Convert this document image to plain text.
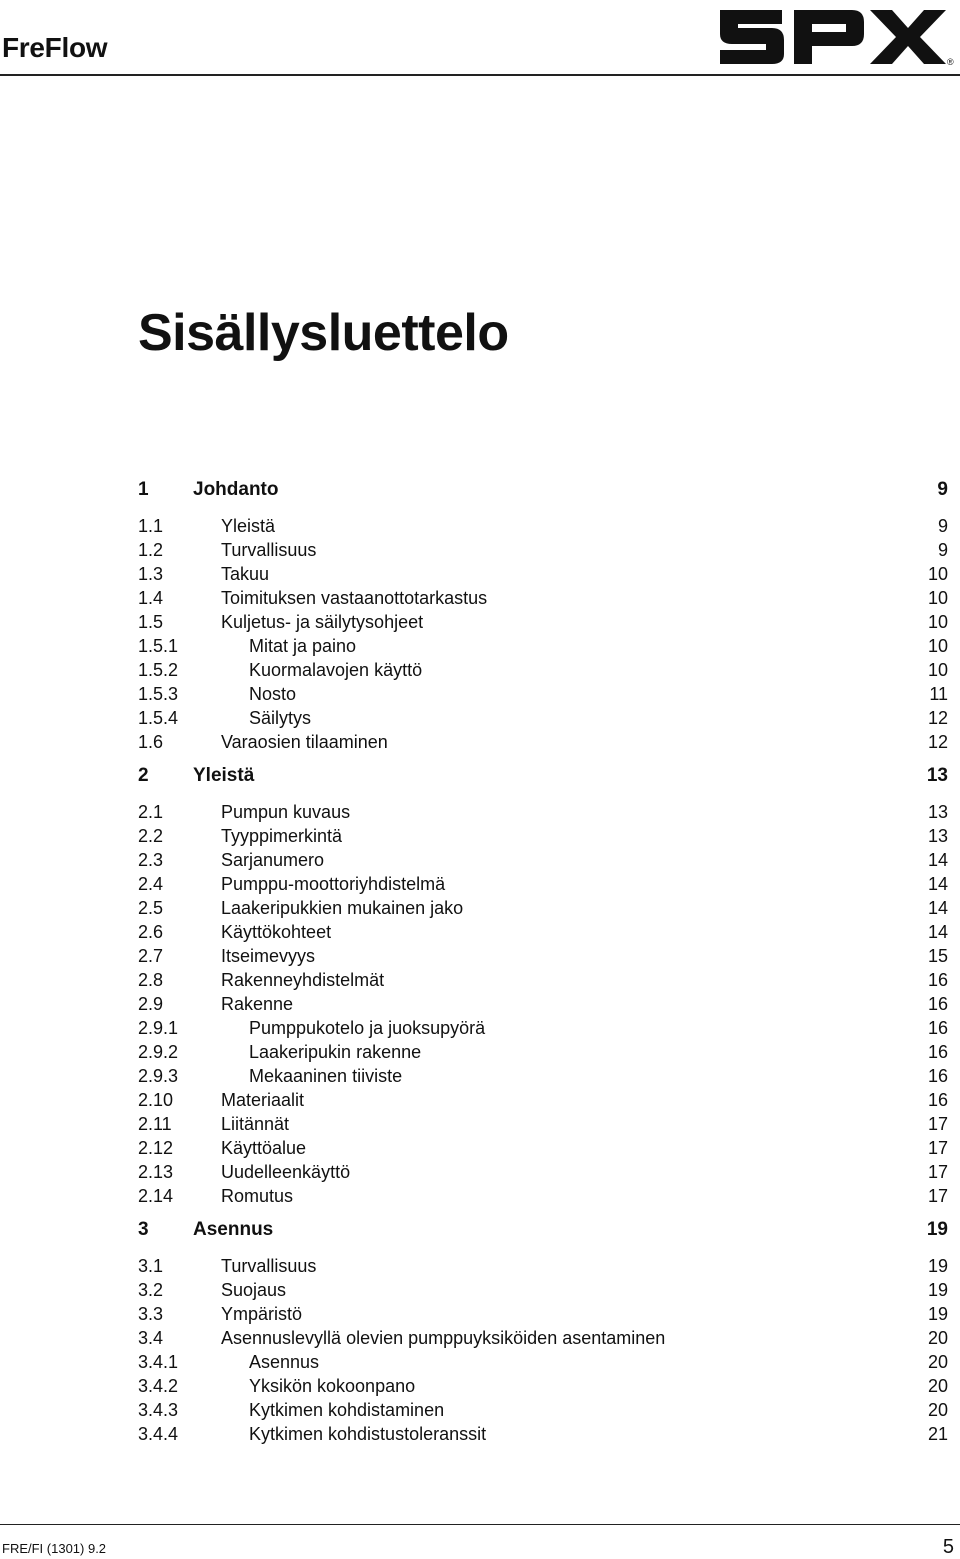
FreFlow	®
Sisällysluettelo
1 Johdanto	9
1.1	Yleistä	9
1.2	Turvallisuus	9
1.3	Takuu	10
1.4	Toimituksen vastaanottotarkastus	10
1.5	Kuljetus- ja säilytysohjeet	10
1.5.1	Mitat ja paino	10
1.5.2	Kuormalavojen käyttö	10
1.5.3	Nosto	11
1.5.4	Säilytys	12
1.6	Varaosien tilaaminen	12
2 Yleistä	13
2.1	Pumpun kuvaus	13
2.2	Tyyppimerkintä	13
2.3	Sarjanumero	14
2.4	Pumppu-moottoriyhdistelmä	14
2.5	Laakeripukkien mukainen jako	14
2.6	Käyttökohteet	14
2.7	Itseimevyys	15
2.8	Rakenneyhdistelmät	16
2.9	Rakenne	16
2.9.1	Pumppukotelo ja juoksupyörä	16
2.9.2	Laakeripukin rakenne	16
2.9.3	Mekaaninen tiiviste	16
2.10	Materiaalit	16
2.11	Liitännät	17
2.12	Käyttöalue	17
2.13	Uudelleenkäyttö	17
2.14	Romutus	17
3 Asennus	19
3.1	Turvallisuus	19
3.2	Suojaus	19
3.3	Ympäristö	19
3.4	Asennuslevyllä olevien pumppuyksiköiden asentaminen	20
3.4.1	Asennus	20
3.4.2	Yksikön kokoonpano	20
3.4.3	Kytkimen kohdistaminen	20
3.4.4	Kytkimen kohdistustoleranssit	21
FRE/FI (1301) 9.2	5
